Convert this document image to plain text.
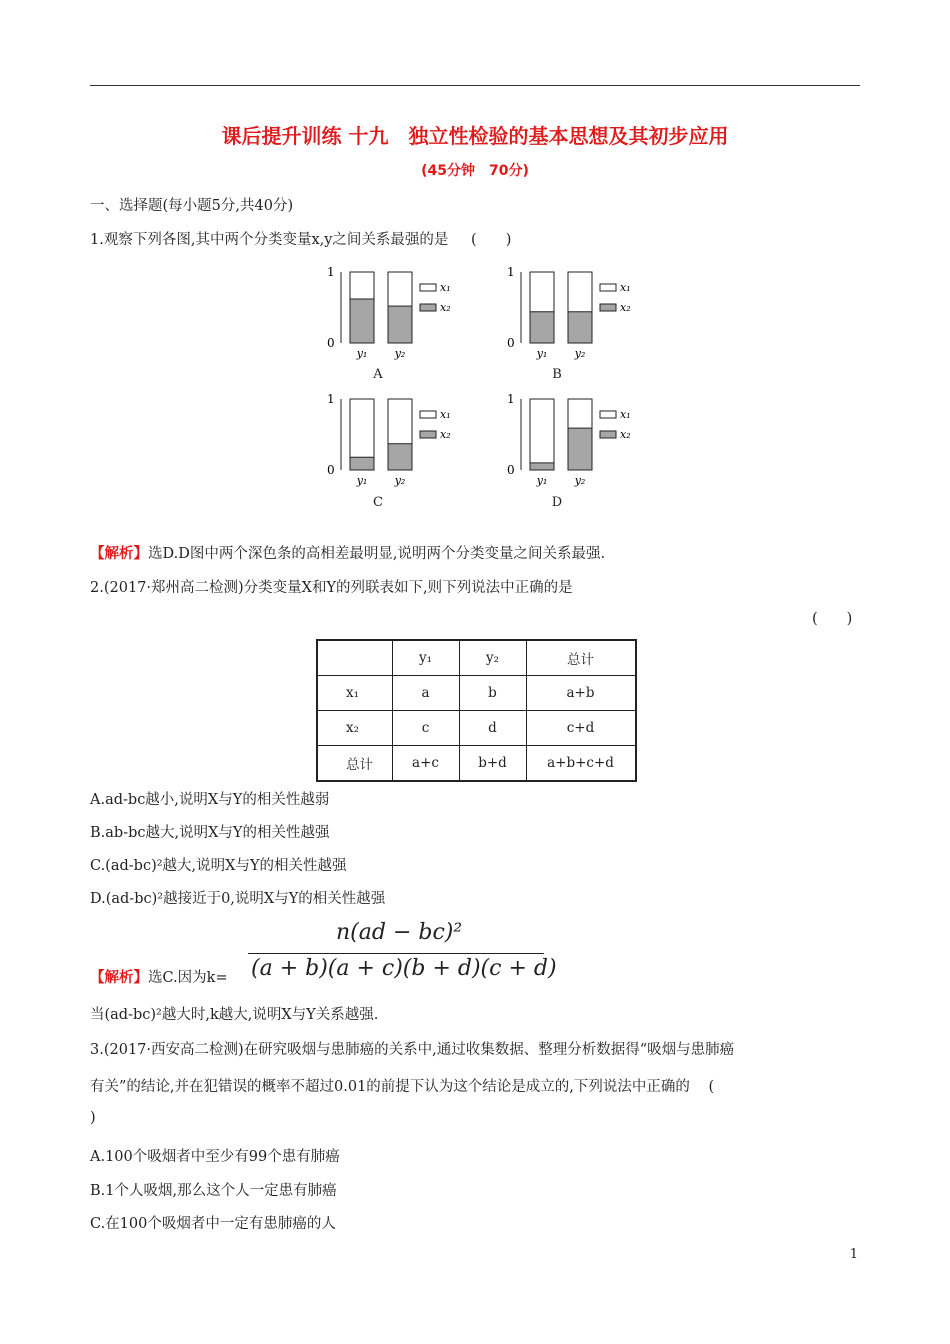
课后提升训练 十九　独立性检验的基本思想及其初步应用
(45分钟　70分)
一、选择题(每小题5分,共40分)
1.观察下列各图,其中两个分类变量x,y之间关系最强的是 (　　)
1
0
y₁ y₂
x₁
x₂
1
0
y₁ y₂
x₁
x₂
1
0
y₁ y₂
x₁
x₂
1
0
y₁ y₂
x₁
x₂
A	B
C	D
【解析】选D.D图中两个深色条的高相差最明显,说明两个分类变量之间关系最强.
2.(2017·郑州高二检测)分类变量X和Y的列联表如下,则下列说法中正确的是
(　　)
	y₁	y₂	总计
x₁	a	b	a+b
x₂	c	d	c+d
总计	a+c	b+d	a+b+c+d
A.ad-bc越小,说明X与Y的相关性越弱
B.ab-bc越大,说明X与Y的相关性越强
C.(ad-bc)²越大,说明X与Y的相关性越强
D.(ad-bc)²越接近于0,说明X与Y的相关性越强
n(ad − bc)²
(a + b)(a + c)(b + d)(c + d)
【解析】选C.因为k=
当(ad-bc)²越大时,k越大,说明X与Y关系越强.
3.(2017·西安高二检测)在研究吸烟与患肺癌的关系中,通过收集数据、整理分析数据得“吸烟与患肺癌
有关”的结论,并在犯错误的概率不超过0.01的前提下认为这个结论是成立的,下列说法中正确的 (
)
A.100个吸烟者中至少有99个患有肺癌
B.1个人吸烟,那么这个人一定患有肺癌
C.在100个吸烟者中一定有患肺癌的人
1
